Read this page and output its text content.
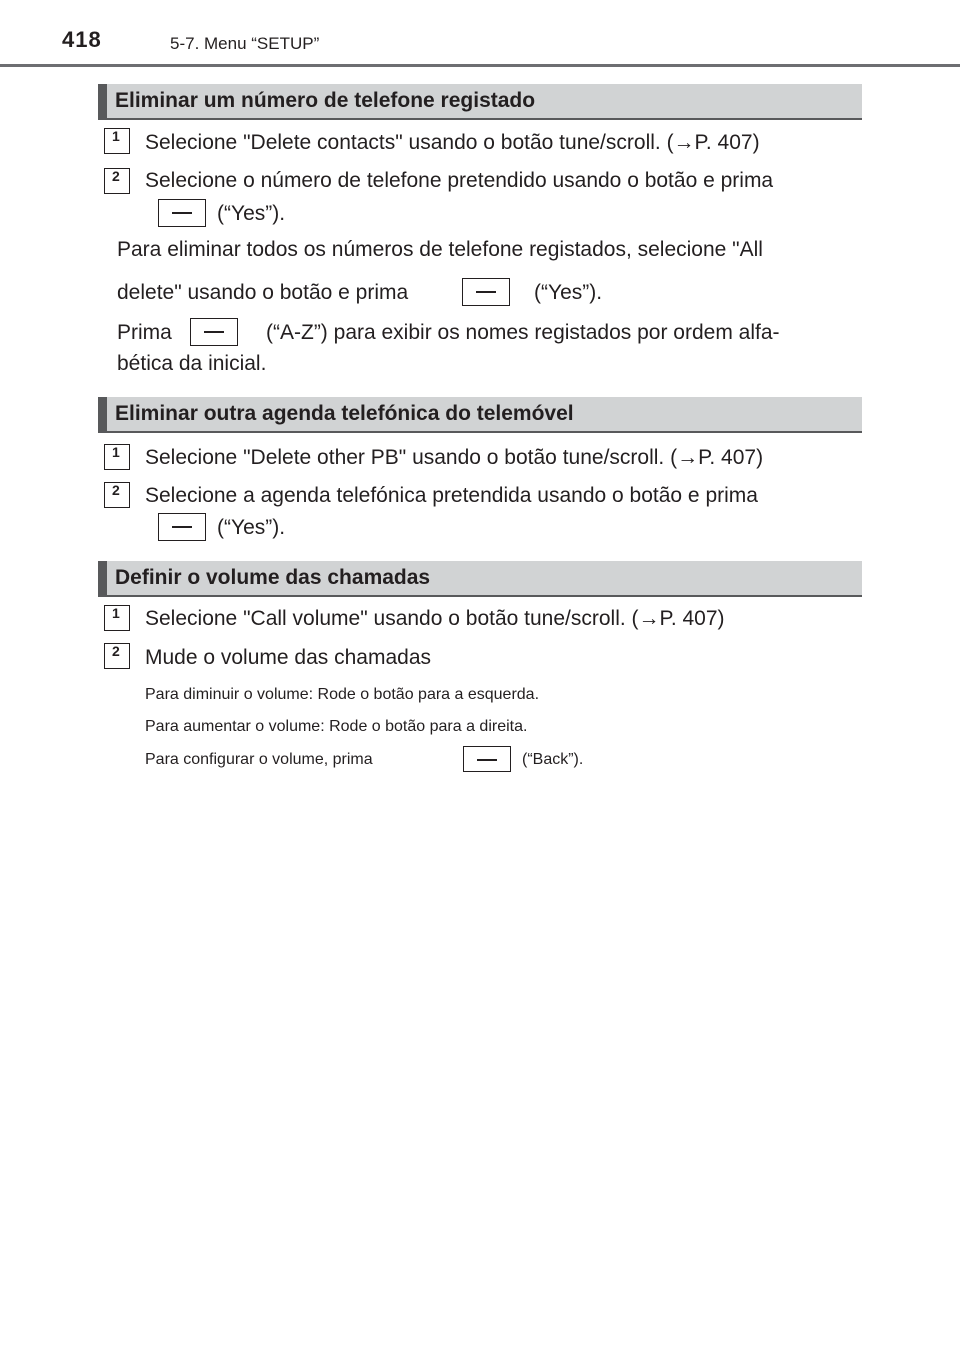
418	5-7. Menu “SETUP”
Eliminar um número de telefone registado
1	Selecione "Delete contacts" usando o botão tune/scroll. (→P. 407)
2	Selecione o número de telefone pretendido usando o botão e prima
(“Yes”).
Para eliminar todos os números de telefone registados, selecione "All
delete" usando o botão e prima	(“Yes”).
Prima	(“A-Z”) para exibir os nomes registados por ordem alfa-
bética da inicial.
Eliminar outra agenda telefónica do telemóvel
1	Selecione "Delete other PB" usando o botão tune/scroll. (→P. 407)
2	Selecione a agenda telefónica pretendida usando o botão e prima
(“Yes”).
Definir o volume das chamadas
1	Selecione "Call volume" usando o botão tune/scroll. (→P. 407)
2	Mude o volume das chamadas
Para diminuir o volume: Rode o botão para a esquerda.
Para aumentar o volume: Rode o botão para a direita.
Para configurar o volume, prima	(“Back”).
